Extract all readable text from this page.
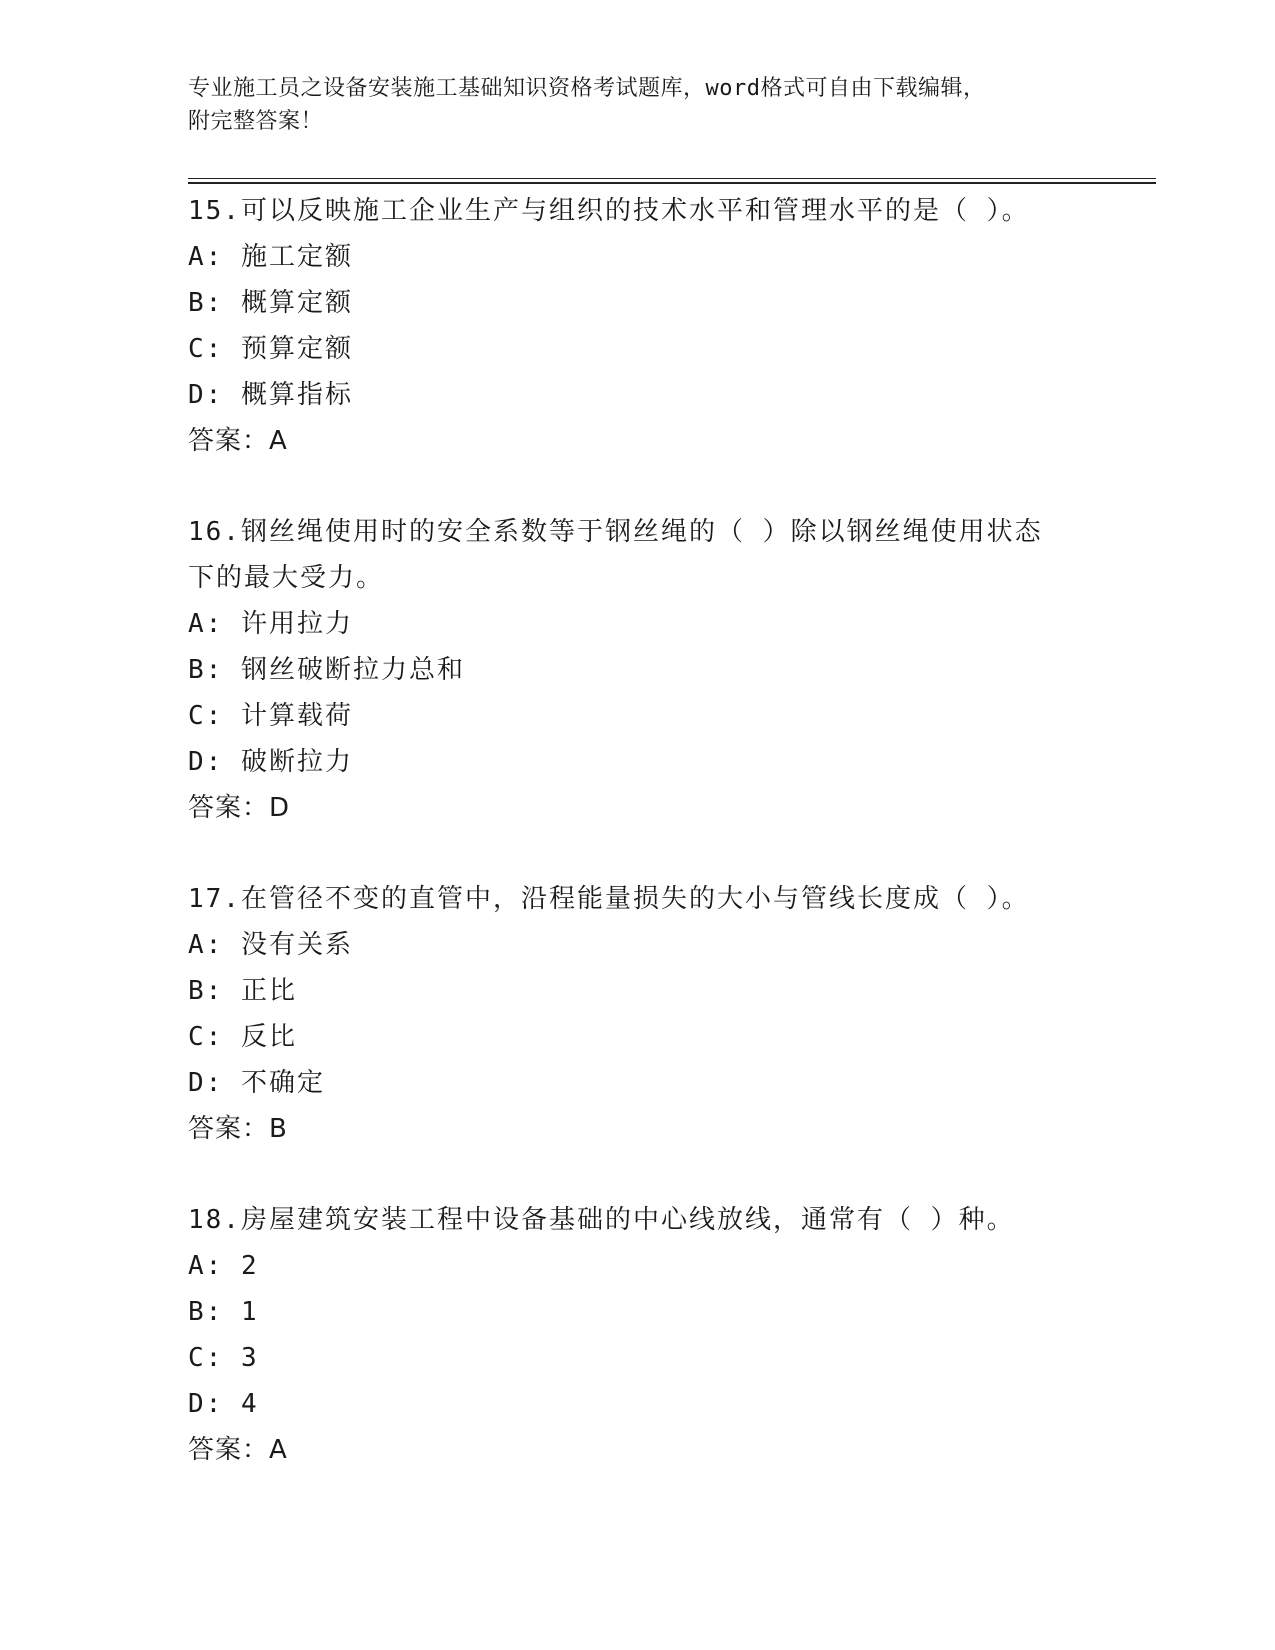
专业施工员之设备安装施工基础知识资格考试题库，word格式可自由下载编辑，
附完整答案！
15.可以反映施工企业生产与组织的技术水平和管理水平的是（ ）。
A: 施工定额
B: 概算定额
C: 预算定额
D: 概算指标
答案：A
16.钢丝绳使用时的安全系数等于钢丝绳的（ ）除以钢丝绳使用状态
下的最大受力。
A: 许用拉力
B: 钢丝破断拉力总和
C: 计算载荷
D: 破断拉力
答案：D
17.在管径不变的直管中，沿程能量损失的大小与管线长度成（ ）。
A: 没有关系
B: 正比
C: 反比
D: 不确定
答案：B
18.房屋建筑安装工程中设备基础的中心线放线，通常有（ ）种。
A: 2
B: 1
C: 3
D: 4
答案：A
